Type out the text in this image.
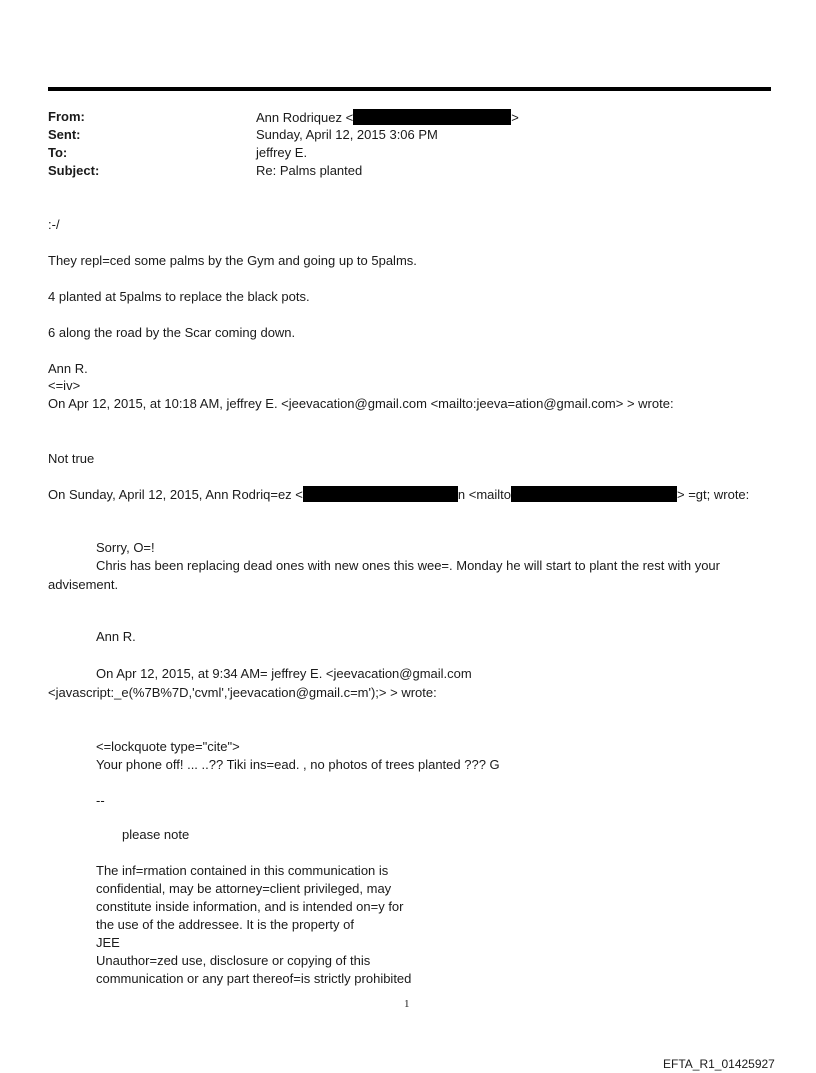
From:	Ann Rodriquez <	>
Sent:	Sunday, April 12, 2015 3:06 PM
To:	jeffrey E.
Subject:	Re: Palms planted
:-/
They repl=ced some palms by the Gym and going up to 5palms.
4 planted at 5palms to replace the black pots.
6 along the road by the Scar coming down.
Ann R.
<=iv>
On Apr 12, 2015, at 10:18 AM, jeffrey E. <jeevacation@gmail.com <mailto:jeeva=ation@gmail.com> > wrote:
Not true
On Sunday, April 12, 2015, Ann Rodriq=ez <	n <mailto	> =gt; wrote:
Sorry, O=!
Chris has been replacing dead ones with new ones this wee=. Monday he will start to plant the rest with your
advisement.
Ann R.
On Apr 12, 2015, at 9:34 AM= jeffrey E. <jeevacation@gmail.com
<javascript:_e(%7B%7D,'cvml','jeevacation@gmail.c=m');> > wrote:
<=lockquote type="cite">
Your phone off! ... ..?? Tiki ins=ead. , no photos of trees planted ??? G
--
please note
The inf=rmation contained in this communication is
confidential, may be attorney=client privileged, may
constitute inside information, and is intended on=y for
the use of the addressee. It is the property of
JEE
Unauthor=zed use, disclosure or copying of this
communication or any part thereof=is strictly prohibited
1
EFTA_R1_01425927
